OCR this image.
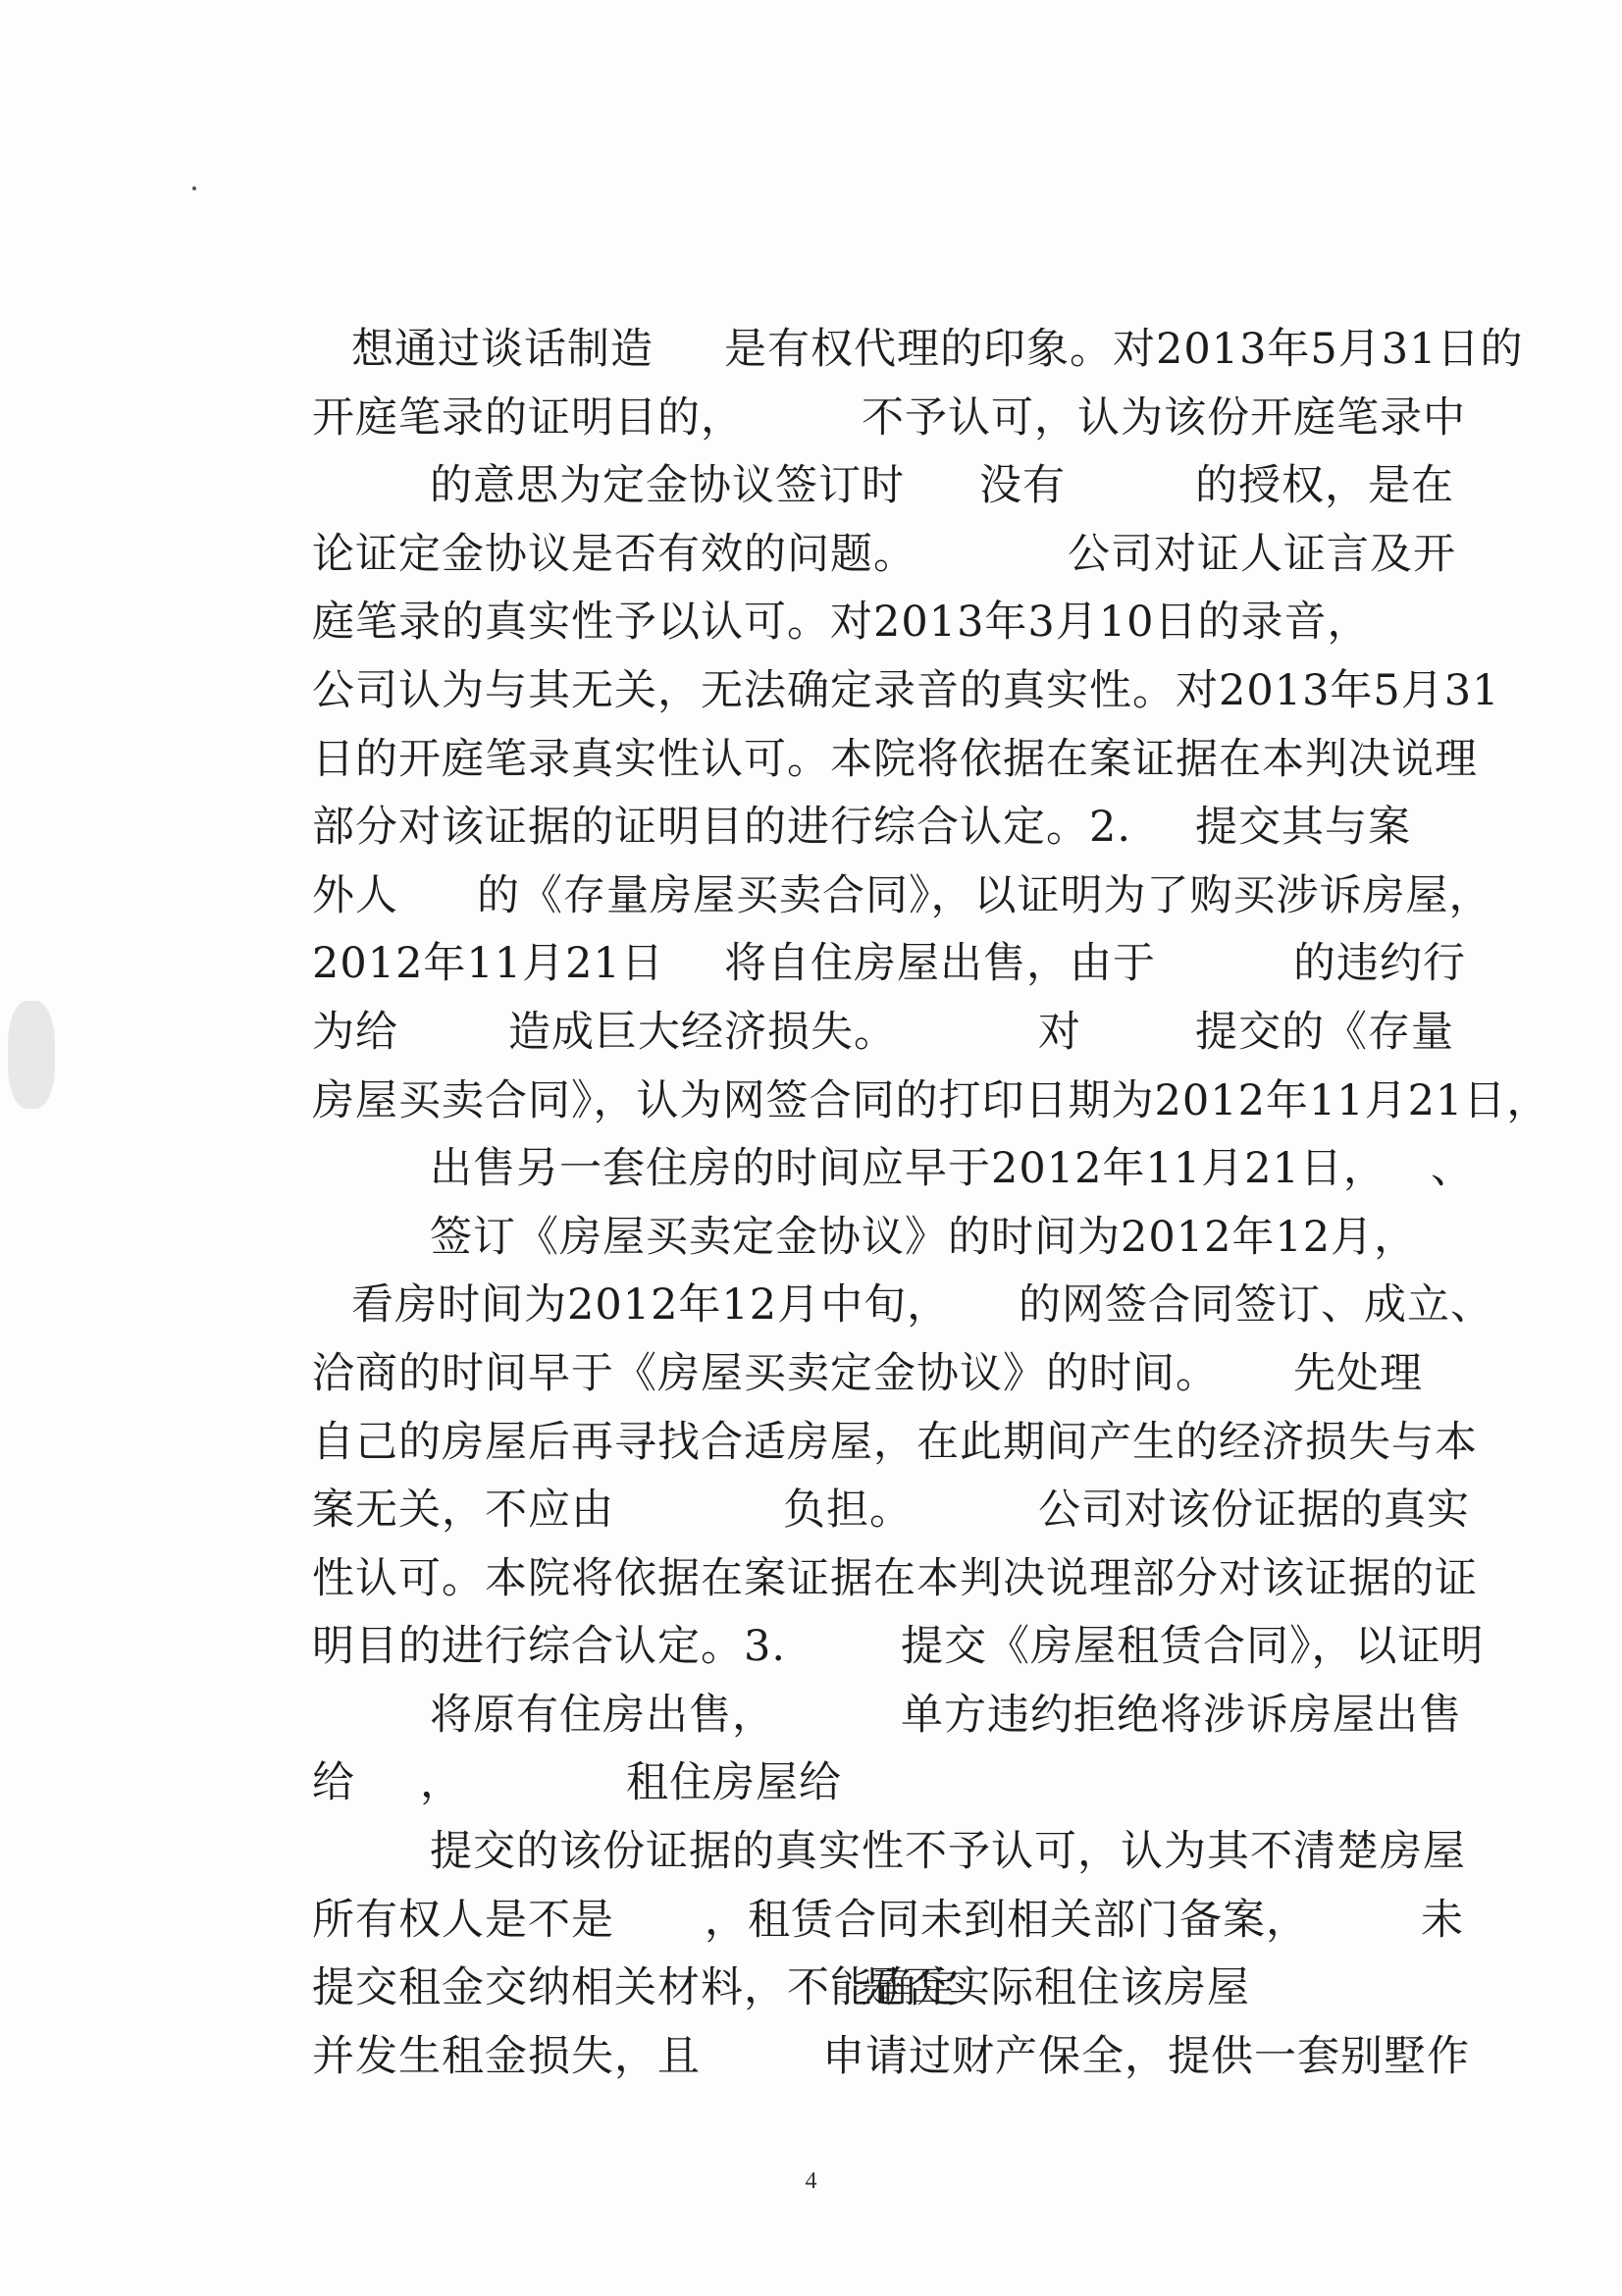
想通过谈话制造

是有权代理的印象。对2013年5月31日的

开庭笔录的证明目的，

	不予认可，认为该份开庭笔录中

的意思为定金协议签订时

没有

	的授权，是在

论证定金协议是否有效的问题。

	公司对证人证言及开

庭笔录的真实性予以认可。对2013年3月10日的录音，

公司认为与其无关，无法确定录音的真实性。对2013年5月31

日的开庭笔录真实性认可。本院将依据在案证据在本判决说理

部分对该证据的证明目的进行综合认定。2.

提交其与案

外人

的《存量房屋买卖合同》，以证明为了购买涉诉房屋，

2012年11月21日

将自住房屋出售，由于

	的违约行

为给

	造成巨大经济损失。

	对

	提交的《存量

房屋买卖合同》，认为网签合同的打印日期为2012年11月21日，

出售另一套住房的时间应早于2012年11月21日，

、

签订《房屋买卖定金协议》的时间为2012年12月，

看房时间为2012年12月中旬，

的网签合同签订、成立、

洽商的时间早于《房屋买卖定金协议》的时间。

先处理

自己的房屋后再寻找合适房屋，在此期间产生的经济损失与本

案无关，不应由

	负担。

	公司对该份证据的真实

性认可。本院将依据在案证据在本判决说理部分对该证据的证

明目的进行综合认定。3.

	提交《房屋租赁合同》，以证明

将原有住房出售，

	单方违约拒绝将涉诉房屋出售

给

，

	租住房屋给

提交的该份证据的真实性不予认可，认为其不清楚房屋

所有权人是不是

，租赁合同未到相关部门备案，

	未

提交租金交纳相关材料，不能确定

是否实际租住该房屋

并发生租金损失，且

	申请过财产保全，提供一套别墅作

4
